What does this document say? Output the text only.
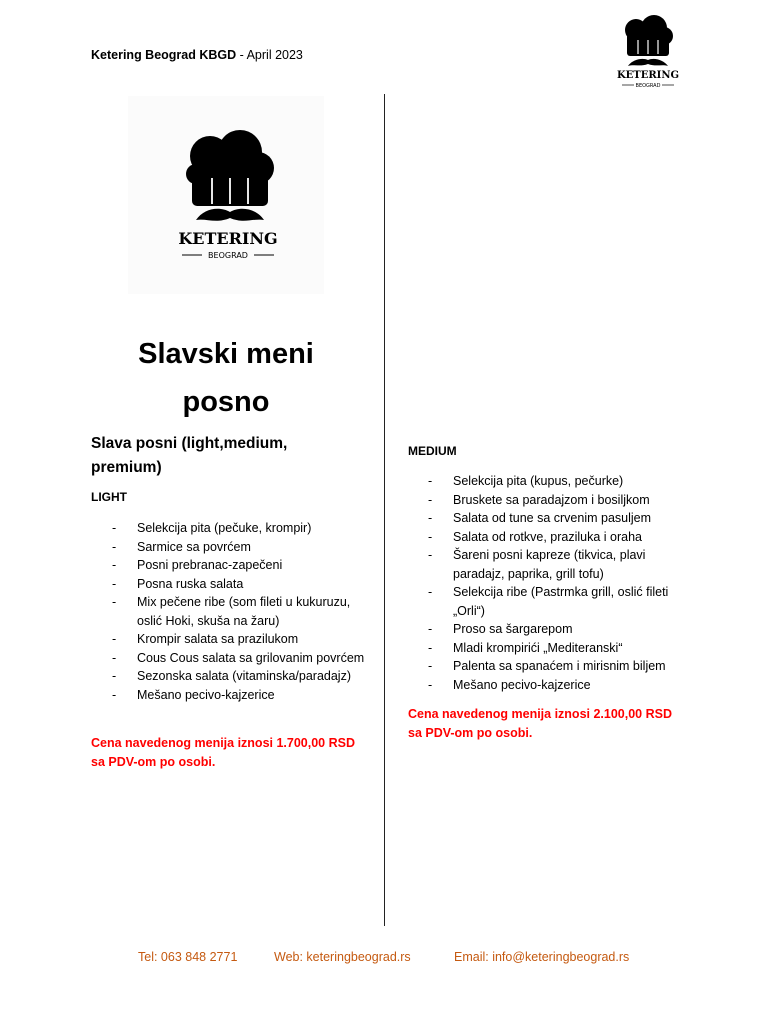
Ketering Beograd KBGD - April 2023
KETERING
BEOGRAD
KETERING
BEOGRAD
Slavski meni
posno
Slava posni (light,medium, premium)
LIGHT
- Selekcija pita (pečuke, krompir)
- Sarmice sa povrćem
- Posni prebranac-zapečeni
- Posna ruska salata
- Mix pečene ribe (som fileti u kukuruzu, oslić Hoki, skuša na žaru)
- Krompir salata sa prazilukom
- Cous Cous salata sa grilovanim povrćem
- Sezonska salata (vitaminska/paradajz)
- Mešano pecivo-kajzerice
Cena navedenog menija iznosi 1.700,00 RSD sa PDV-om po osobi.
MEDIUM
- Selekcija pita (kupus, pečurke)
- Bruskete sa paradajzom i bosiljkom
- Salata od tune sa crvenim pasuljem
- Salata od rotkve, praziluka i oraha
- Šareni posni kapreze (tikvica, plavi paradajz, paprika, grill tofu)
- Selekcija ribe (Pastrmka grill, oslić fileti „Orli“)
- Proso sa šargarepom
- Mladi krompirići „Mediteranski“
- Palenta sa spanaćem i mirisnim biljem
- Mešano pecivo-kajzerice
Cena navedenog menija iznosi 2.100,00 RSD sa PDV-om po osobi.
Tel: 063 848 2771	Web: keteringbeograd.rs	Email: info@keteringbeograd.rs
